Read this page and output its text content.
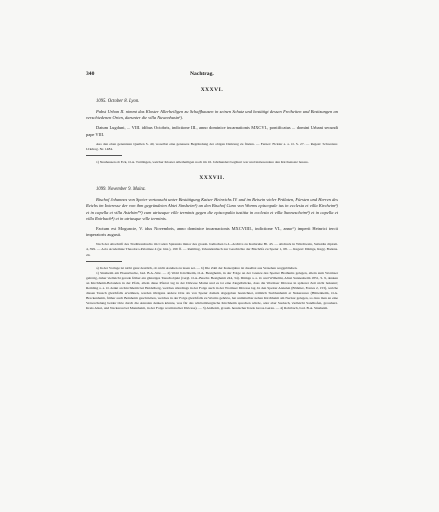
340	Nachtrag.
XXXVI.
1095. October 8. Lyon.

Pabst Urban II. nimmt das Kloster Allerheiligen zu Schaffhausen in seinen Schutz und bestätigt dessen Freiheiten und Besitzungen an verschiedenen Orten, darunter die villa Nuwenhusin¹).

Datum Lugduni, ... VIII. idibus Octobris, indictione III., anno dominice incarnationis MXCVI., pontificatus ... domini Urbani secundi pape VIII.

Aus den eben genannten Quellen S. 40, woselbst eine genauere Begründung der obigen Datirung zu finden. — Ferner: Fickler a. a. O. S. 27. — Regest: Schweizer. Urkdreg. Nr. 1484.

1) Neuhausen ob Eck, O.A. Tuttlingen, welcher Kloster Allerheiligen noch im 16. Jahrhundert begütert war und insbesondere den Kirchensatz besass.

XXXVII.
1099. November 9. Mainz.

Bischof Johannes von Speier vertauscht unter Bestätigung Kaiser Heinrichs IV. und im Beisein vieler Prälaten, Fürsten und Herren des Reichs im Interesse der von ihm gegründeten Abtei Sinsheim¹) an den Bischof Cuno von Worms episcopale ius in ecclesia et villa Kircheim²) et in capella et villa Astehim*²) cum utriusque ville terminis gegen die episcopalia iustitia in ecclesia et villa Sunnescheim³) et in capella et villa Roirbach⁴) et in utriusque ville terminis.

Factum est Moguncie, V. idus Novembris, anno dominice incarnacionis MXCVIIII., indictione VI., anno^) imperii Heinrici tercii imperatoris augusti.

Nach der Abschrift des Traditionsbuchs im Codex Spirensis minor des grossh. badischen G.L.-Archivs zu Karlsruhe Bl. 43. — Abdruck in Würdtwein, Subsidia diplom. 4, 399. — Acta Academiae Theodoro-Palatinae 4 (pr. hist.), 199 ff. — Remling, Urkundenbuch zur Geschichte der Bischöfe zu Speier 1, 68. — Regest: Dümge, Regg. Badens. 24.

a) In der Vorlage ist nicht ganz deutlich, ob nicht Astehen zu lesen sei. — b) Die Zahl der Kaiserjahre ist daselbst aus Versehen weggeblieben.

1) Sinsheim am Elsenzbache, bad. B.A.-Sitz. — 2) Wohl Kirchheim, O.A. Besigheim, in der Folge an der Grenze des Speirer Bisthums gelegen, allein zum Wormser gehörig, daher vielleicht gerade früher ein günstiges Tauschobjekt (vergl. O.A.-Beschr. Besigheim 244, 34). Dümge a. a. O. und Wilhelmi, Abtei Sunnesheim 1851, S. 9, denken an Kirchheim-Bolanden in der Pfalz, allein diese Pfarrei lag in der Diöcese Mainz und es ist eine Ziegelbrücke, dass die Wormser Diöcese in späterer Zeit nicht bekannt; Remling a. a. O. denkt an Kirchheim bei Heidelberg, welches allerdings in der Folge auch in der Wormser Diöcese lag. In den Speirer Annalen (Böhmer, Fontes 2, 153), welche diesen Tausch gleichfalls erwähnen, werden übrigens andere Orte als von Speier damals abgegeben bezeichnet, nämlich Stebbenheim et Nekerauwe (Hüttenheim, O.A. Brackenheim, früher auch Beinheim geschrieben, welches in der Folge gleichfalls zu Worms gehörte, hat unmittelbar neben Kirchheim am Neckar gelegen, so dass man an eine Verwechslung beider Orte durch die Annalen denken könnte, was für das württembergische Kirchheim sprechen würde, oder aber Sasbach, vielleicht Sandhofen, grossherz. Kreis Alzei, und Neckarau bei Mannheim, in der Folge wormsischer Diöcese). — 3) Anthoim, grossh. hessischer Kreis Gross-Gerau. — 4) Rohrbach, bad. B.A. Sinsheim.
